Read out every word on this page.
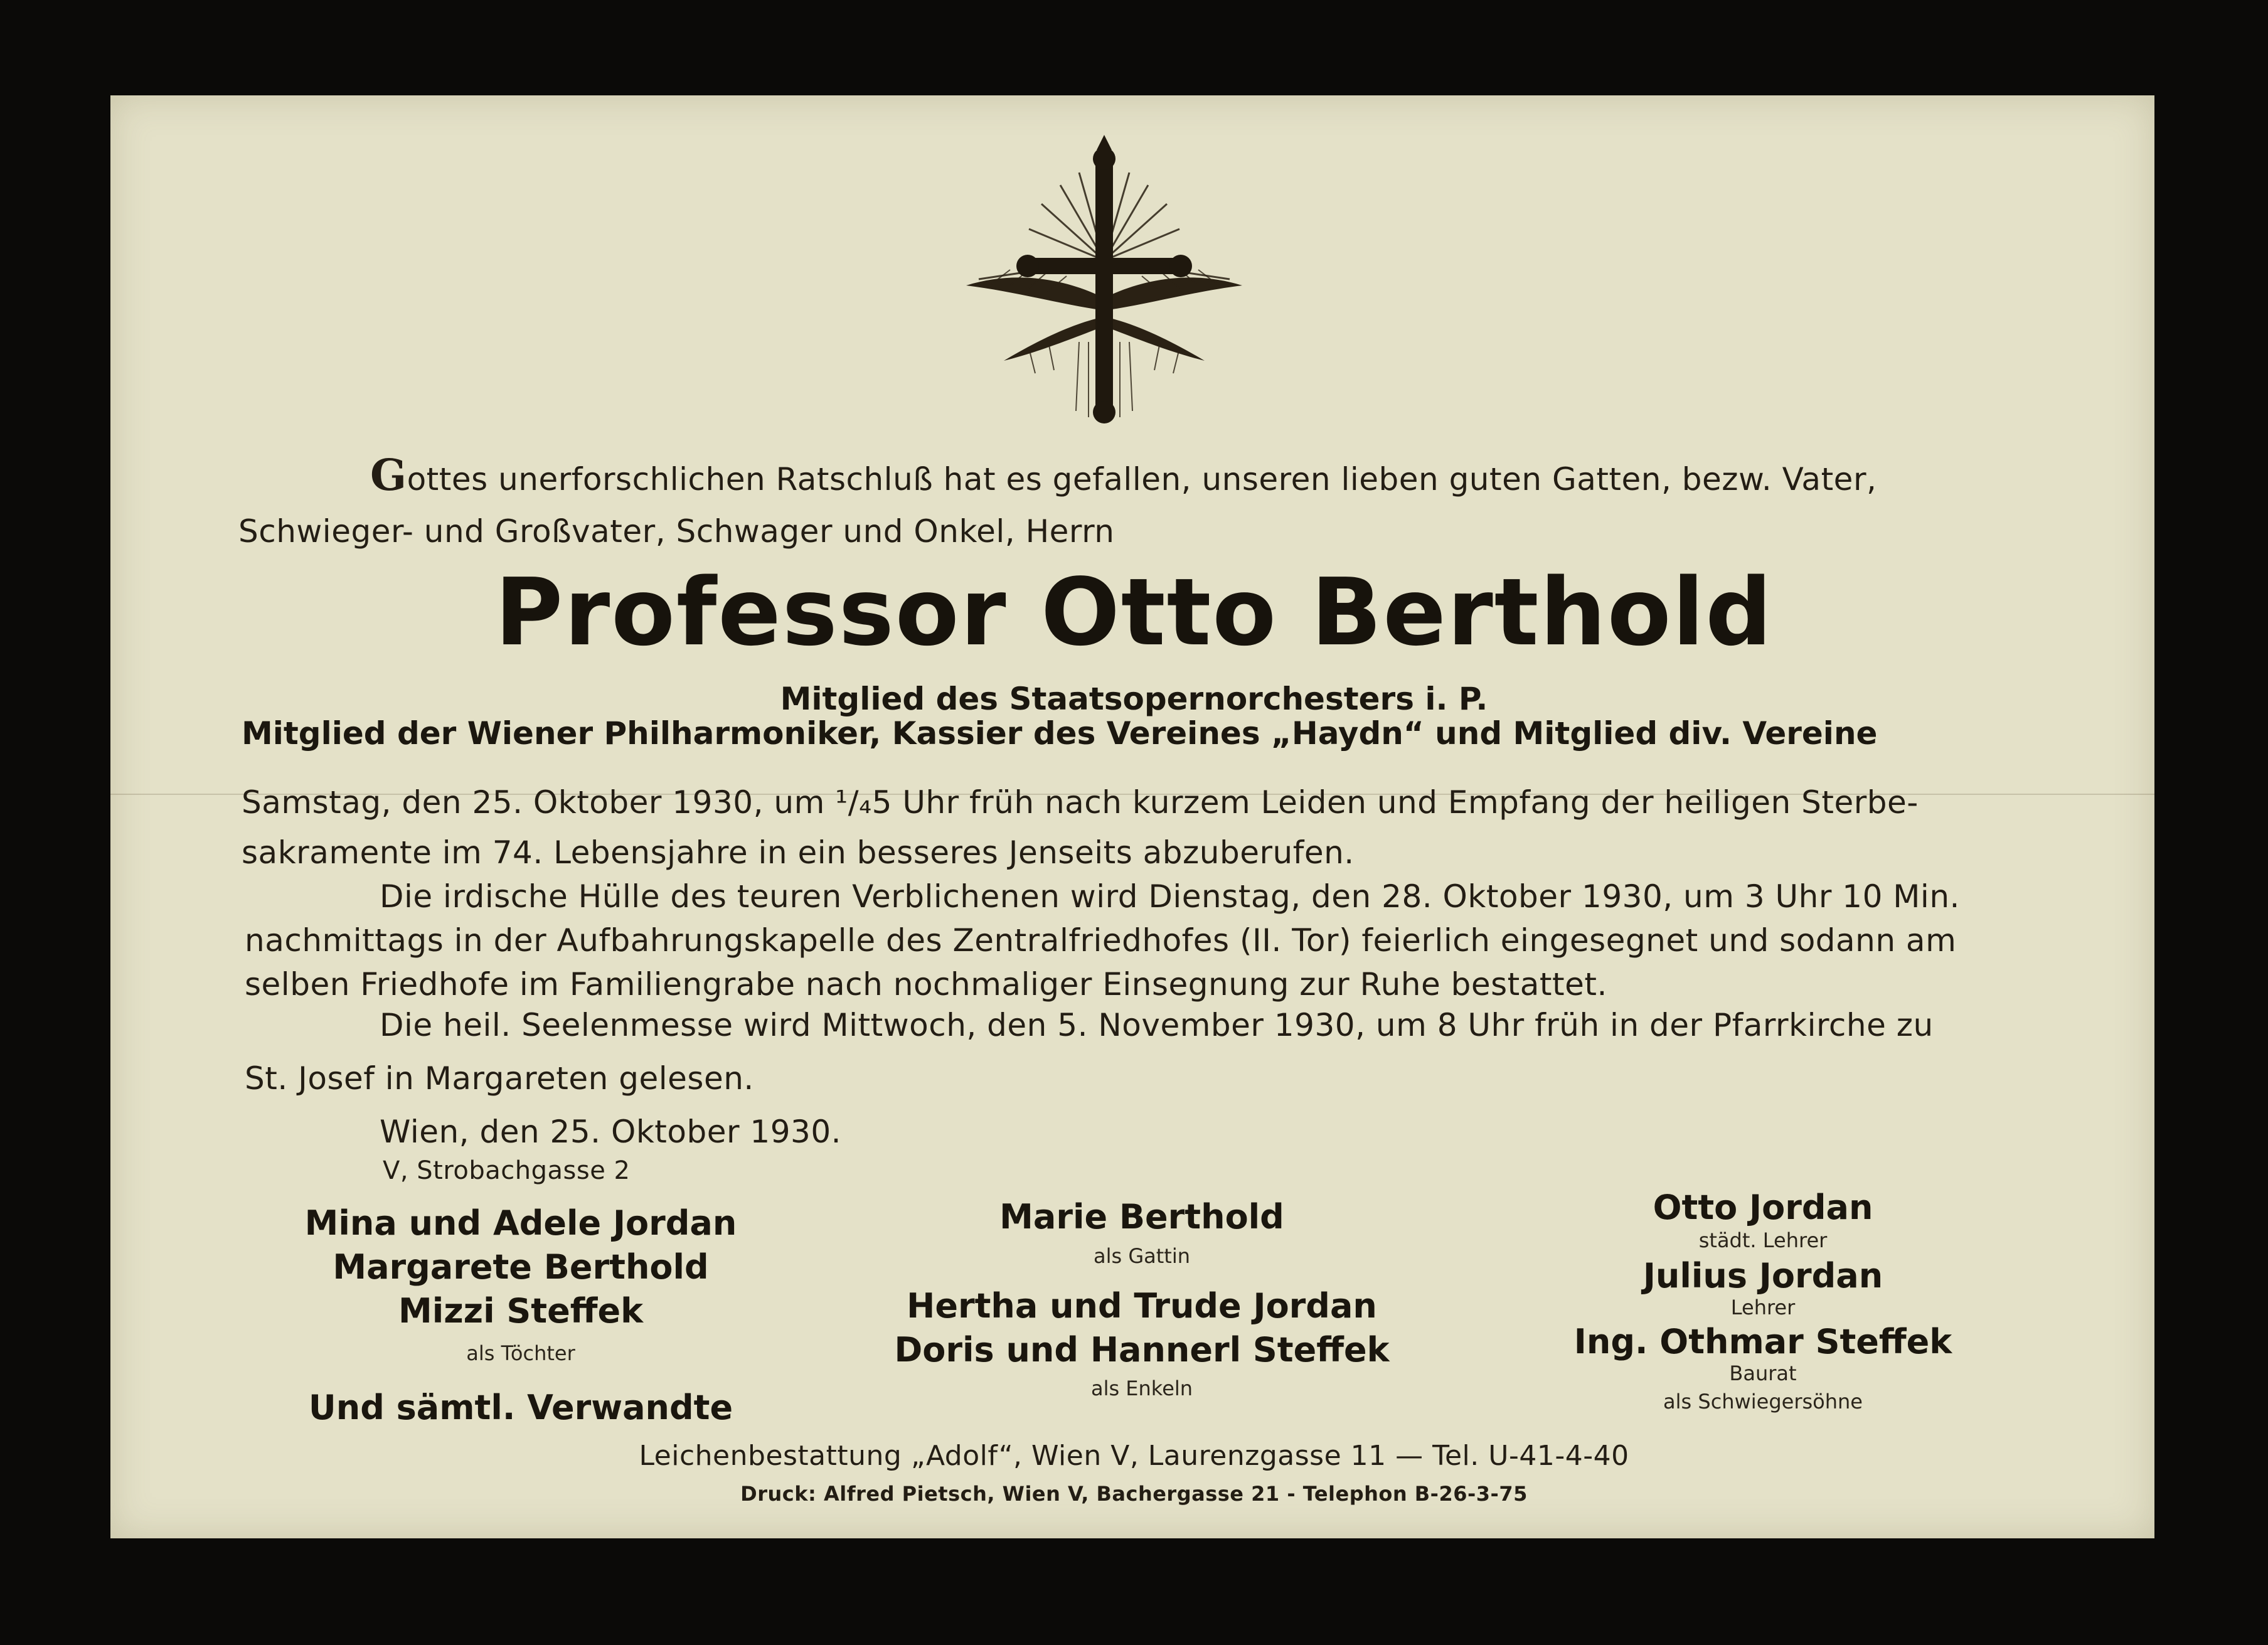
Gottes unerforschlichen Ratschluß hat es gefallen, unseren lieben guten Gatten, bezw. Vater,
Schwieger- und Großvater, Schwager und Onkel, Herrn
Professor Otto Berthold
Mitglied des Staatsopernorchesters i. P.
Mitglied der Wiener Philharmoniker, Kassier des Vereines „Haydn“ und Mitglied div. Vereine
Samstag, den 25. Oktober 1930, um ¹/₄5 Uhr früh nach kurzem Leiden und Empfang der heiligen Sterbe-
sakramente im 74. Lebensjahre in ein besseres Jenseits abzuberufen.
Die irdische Hülle des teuren Verblichenen wird Dienstag, den 28. Oktober 1930, um 3 Uhr 10 Min.
nachmittags in der Aufbahrungskapelle des Zentralfriedhofes (II. Tor) feierlich eingesegnet und sodann am
selben Friedhofe im Familiengrabe nach nochmaliger Einsegnung zur Ruhe bestattet.
Die heil. Seelenmesse wird Mittwoch, den 5. November 1930, um 8 Uhr früh in der Pfarrkirche zu
St. Josef in Margareten gelesen.
Wien, den 25. Oktober 1930.
V, Strobachgasse 2
Mina und Adele Jordan
Margarete Berthold
Mizzi Steffek
als Töchter
Und sämtl. Verwandte
Marie Berthold
als Gattin
Hertha und Trude Jordan
Doris und Hannerl Steffek
als Enkeln
Otto Jordan
städt. Lehrer
Julius Jordan
Lehrer
Ing. Othmar Steffek
Baurat
als Schwiegersöhne
Leichenbestattung „Adolf“, Wien V, Laurenzgasse 11 — Tel. U-41-4-40
Druck: Alfred Pietsch, Wien V, Bachergasse 21 - Telephon B-26-3-75
